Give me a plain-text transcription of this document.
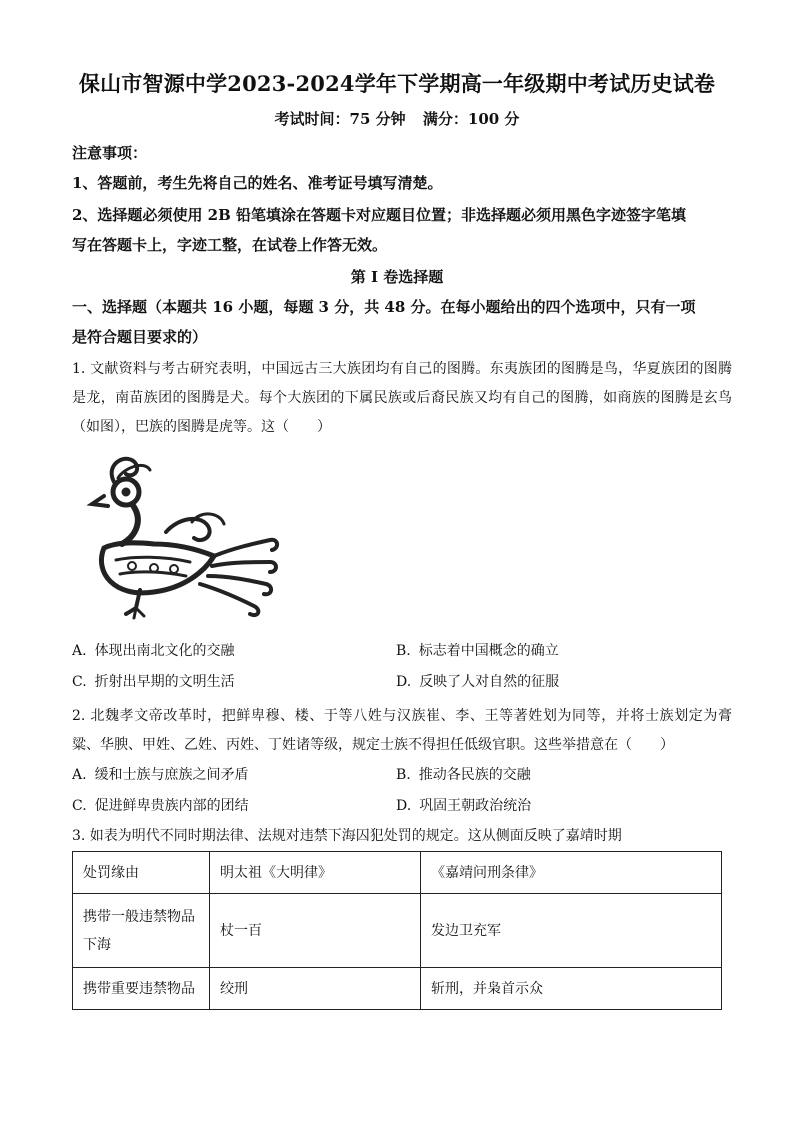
保山市智源中学2023-2024学年下学期高一年级期中考试历史试卷
考试时间：75 分钟 满分：100 分
注意事项：
1、答题前，考生先将自己的姓名、准考证号填写清楚。
2、选择题必须使用 2B 铅笔填涂在答题卡对应题目位置；非选择题必须用黑色字迹签字笔填
写在答题卡上，字迹工整，在试卷上作答无效。
第 I 卷选择题
一、选择题（本题共 16 小题，每题 3 分，共 48 分。在每小题给出的四个选项中，只有一项
是符合题目要求的）
1. 文献资料与考古研究表明，中国远古三大族团均有自己的图腾。东夷族团的图腾是鸟，华夏族团的图腾是龙，南苗族团的图腾是犬。每个大族团的下属民族或后裔民族又均有自己的图腾，如商族的图腾是玄鸟（如图），巴族的图腾是虎等。这（　　）
A. 体现出南北文化的交融	B. 标志着中国概念的确立
C. 折射出早期的文明生活	D. 反映了人对自然的征服
2. 北魏孝文帝改革时，把鲜卑穆、楼、于等八姓与汉族崔、李、王等著姓划为同等，并将士族划定为膏粱、华腴、甲姓、乙姓、丙姓、丁姓诸等级，规定士族不得担任低级官职。这些举措意在（　　）
A. 缓和士族与庶族之间矛盾	B. 推动各民族的交融
C. 促进鲜卑贵族内部的团结	D. 巩固王朝政治统治
3. 如表为明代不同时期法律、法规对违禁下海囚犯处罚的规定。这从侧面反映了嘉靖时期
处罚缘由	明太祖《大明律》	《嘉靖问刑条律》
携带一般违禁物品下海	杖一百	发边卫充军
携带重要违禁物品	绞刑	斩刑，并枭首示众
